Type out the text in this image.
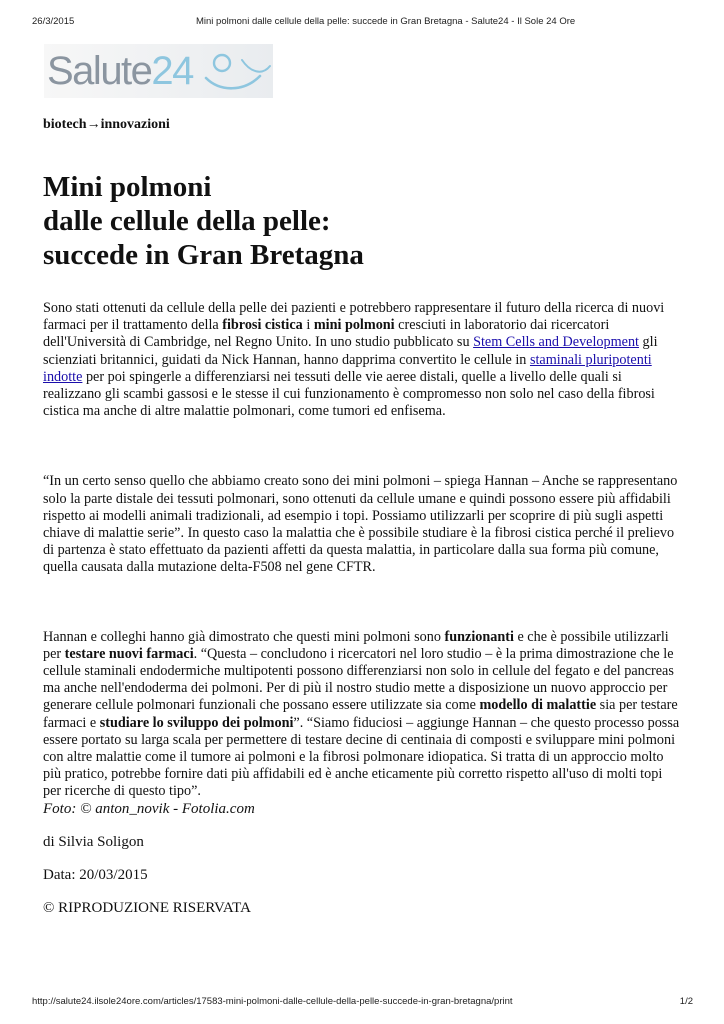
26/3/2015	Mini polmoni dalle cellule della pelle: succede in Gran Bretagna - Salute24 - Il Sole 24 Ore
Salute 24

biotech→innovazioni

Mini polmoni
dalle cellule della pelle:
succede in Gran Bretagna

Sono stati ottenuti da cellule della pelle dei pazienti e potrebbero rappresentare il futuro della ricerca di nuovi farmaci per il trattamento della fibrosi cistica i mini polmoni cresciuti in laboratorio dai ricercatori dell'Università di Cambridge, nel Regno Unito. In uno studio pubblicato su Stem Cells and Development gli scienziati britannici, guidati da Nick Hannan, hanno dapprima convertito le cellule in staminali pluripotenti indotte per poi spingerle a differenziarsi nei tessuti delle vie aeree distali, quelle a livello delle quali si realizzano gli scambi gassosi e le stesse il cui funzionamento è compromesso non solo nel caso della fibrosi cistica ma anche di altre malattie polmonari, come tumori ed enfisema.

“In un certo senso quello che abbiamo creato sono dei mini polmoni – spiega Hannan – Anche se rappresentano solo la parte distale dei tessuti polmonari, sono ottenuti da cellule umane e quindi possono essere più affidabili rispetto ai modelli animali tradizionali, ad esempio i topi. Possiamo utilizzarli per scoprire di più sugli aspetti chiave di malattie serie”. In questo caso la malattia che è possibile studiare è la fibrosi cistica perché il prelievo di partenza è stato effettuato da pazienti affetti da questa malattia, in particolare dalla sua forma più comune, quella causata dalla mutazione delta-F508 nel gene CFTR.

Hannan e colleghi hanno già dimostrato che questi mini polmoni sono funzionanti e che è possibile utilizzarli per testare nuovi farmaci. “Questa – concludono i ricercatori nel loro studio – è la prima dimostrazione che le cellule staminali endodermiche multipotenti possono differenziarsi non solo in cellule del fegato e del pancreas ma anche nell'endoderma dei polmoni. Per di più il nostro studio mette a disposizione un nuovo approccio per generare cellule polmonari funzionali che possano essere utilizzate sia come modello di malattie sia per testare farmaci e studiare lo sviluppo dei polmoni”. “Siamo fiduciosi – aggiunge Hannan – che questo processo possa essere portato su larga scala per permettere di testare decine di centinaia di composti e sviluppare mini polmoni con altre malattie come il tumore ai polmoni e la fibrosi polmonare idiopatica. Si tratta di un approccio molto più pratico, potrebbe fornire dati più affidabili ed è anche eticamente più corretto rispetto all'uso di molti topi per ricerche di questo tipo”.

Foto: © anton_novik - Fotolia.com

di Silvia Soligon

Data: 20/03/2015

© RIPRODUZIONE RISERVATA

http://salute24.ilsole24ore.com/articles/17583-mini-polmoni-dalle-cellule-della-pelle-succede-in-gran-bretagna/print	1/2
